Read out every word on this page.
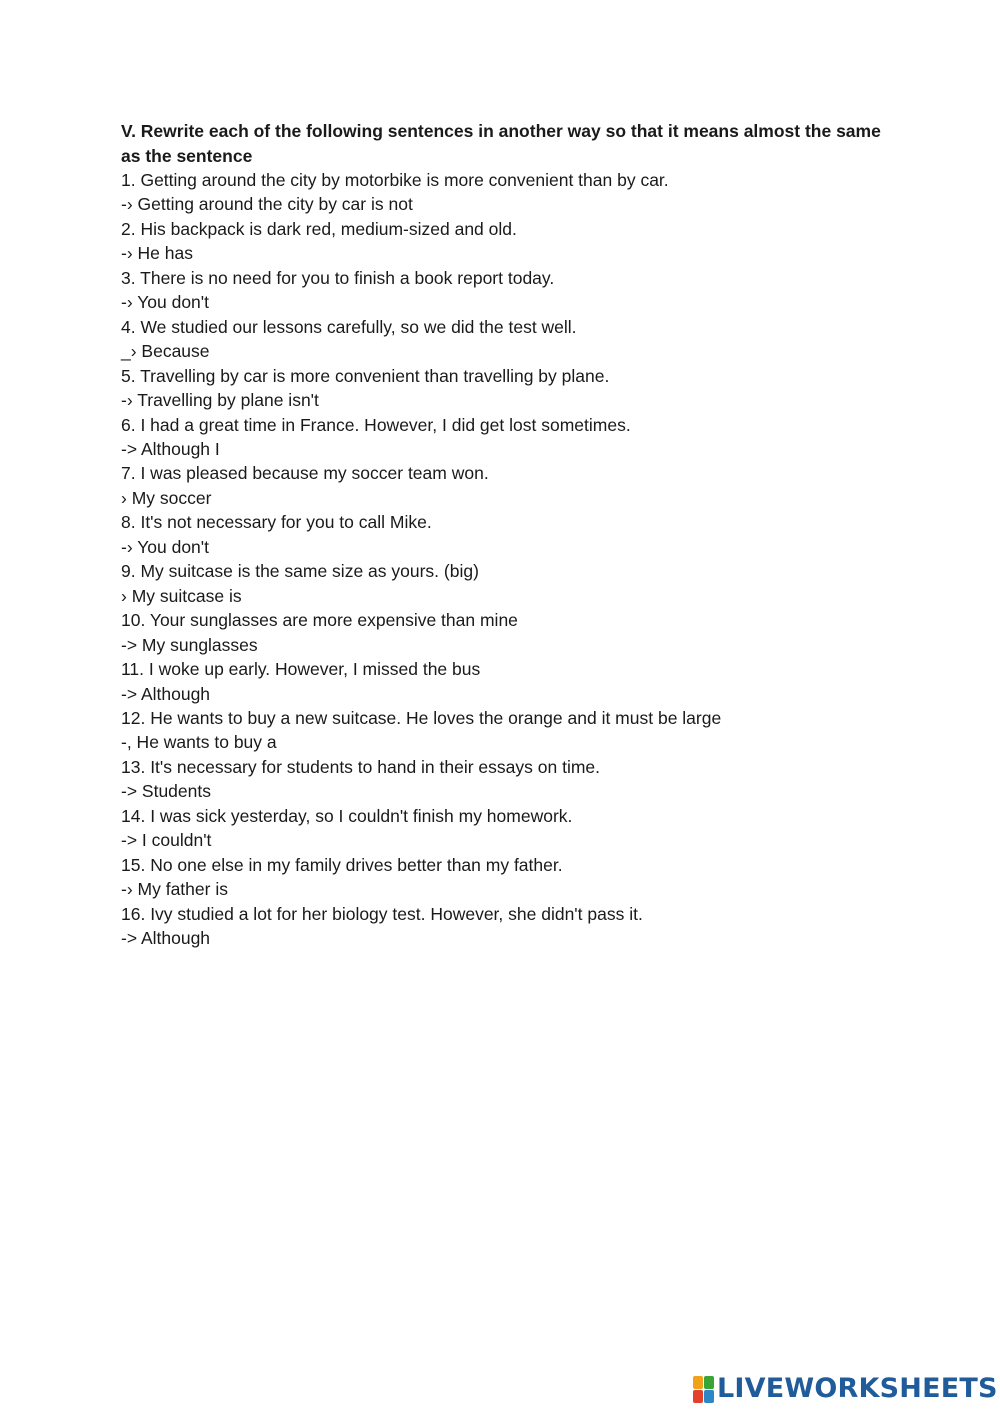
V. Rewrite each of the following sentences in another way so that it means almost the same as the sentence

1. Getting around the city by motorbike is more convenient than by car.

-› Getting around the city by car is not

2. His backpack is dark red, medium-sized and old.

-› He has

3. There is no need for you to finish a book report today.

-› You don't

4. We studied our lessons carefully, so we did the test well.

_› Because

5. Travelling by car is more convenient than travelling by plane.

-› Travelling by plane isn't

6. I had a great time in France. However, I did get lost sometimes.

-> Although I

7. I was pleased because my soccer team won.

› My soccer

8. It's not necessary for you to call Mike.

-› You don't

9. My suitcase is the same size as yours. (big)

› My suitcase is

10. Your sunglasses are more expensive than mine

-> My sunglasses

11. I woke up early. However, I missed the bus

-> Although

12. He wants to buy a new suitcase. He loves the orange and it must be large

-, He wants to buy a

13. It's necessary for students to hand in their essays on time.

-> Students

14. I was sick yesterday, so I couldn't finish my homework.

-> I couldn't

15. No one else in my family drives better than my father.

-› My father is

16. Ivy studied a lot for her biology test. However, she didn't pass it.

-> Although

LIVEWORKSHEETS
